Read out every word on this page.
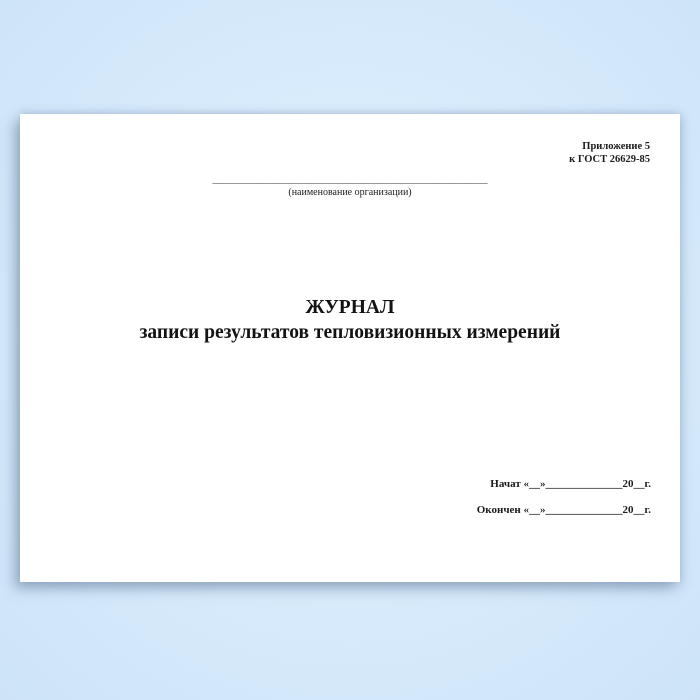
Приложение 5
к ГОСТ 26629-85
__________________________________________________
(наименование организации)
ЖУРНАЛ
записи результатов тепловизионных измерений
Начат «__»______________20__г.
Окончен «__»______________20__г.
